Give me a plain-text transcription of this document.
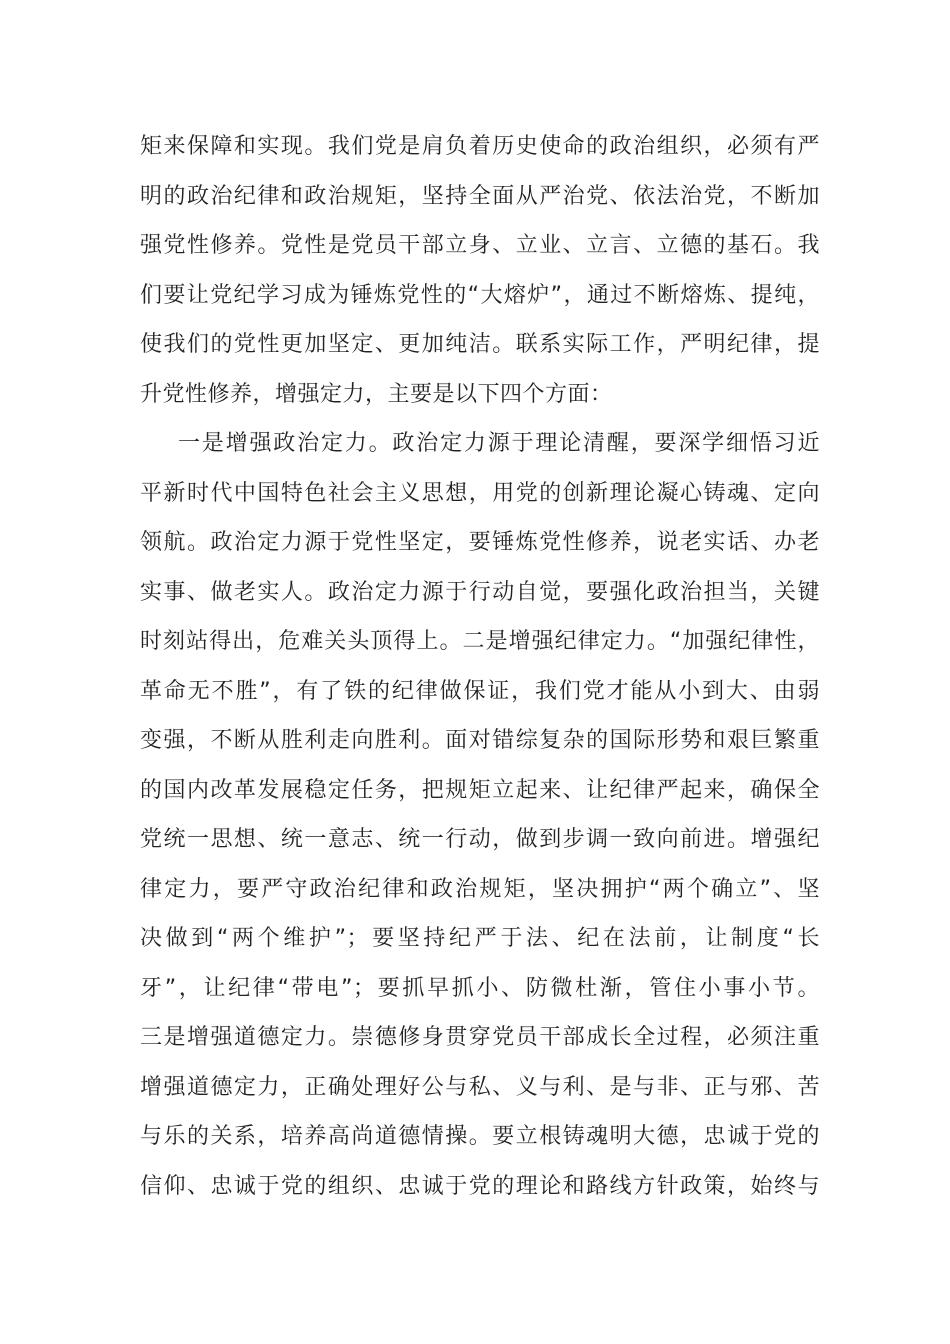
矩来保障和实现。我们党是肩负着历史使命的政治组织，必须有严
明的政治纪律和政治规矩，坚持全面从严治党、依法治党，不断加
强党性修养。党性是党员干部立身、立业、立言、立德的基石。我
们要让党纪学习成为锤炼党性的“大熔炉”，通过不断熔炼、提纯，
使我们的党性更加坚定、更加纯洁。联系实际工作，严明纪律，提
升党性修养，增强定力，主要是以下四个方面：
一是增强政治定力。政治定力源于理论清醒，要深学细悟习近
平新时代中国特色社会主义思想，用党的创新理论凝心铸魂、定向
领航。政治定力源于党性坚定，要锤炼党性修养，说老实话、办老
实事、做老实人。政治定力源于行动自觉，要强化政治担当，关键
时刻站得出，危难关头顶得上。二是增强纪律定力。“加强纪律性，
革命无不胜”，有了铁的纪律做保证，我们党才能从小到大、由弱
变强，不断从胜利走向胜利。面对错综复杂的国际形势和艰巨繁重
的国内改革发展稳定任务，把规矩立起来、让纪律严起来，确保全
党统一思想、统一意志、统一行动，做到步调一致向前进。增强纪
律定力，要严守政治纪律和政治规矩，坚决拥护“两个确立”、坚
决做到“两个维护”；要坚持纪严于法、纪在法前，让制度“长
牙”，让纪律“带电”；要抓早抓小、防微杜渐，管住小事小节。
三是增强道德定力。崇德修身贯穿党员干部成长全过程，必须注重
增强道德定力，正确处理好公与私、义与利、是与非、正与邪、苦
与乐的关系，培养高尚道德情操。要立根铸魂明大德，忠诚于党的
信仰、忠诚于党的组织、忠诚于党的理论和路线方针政策，始终与
